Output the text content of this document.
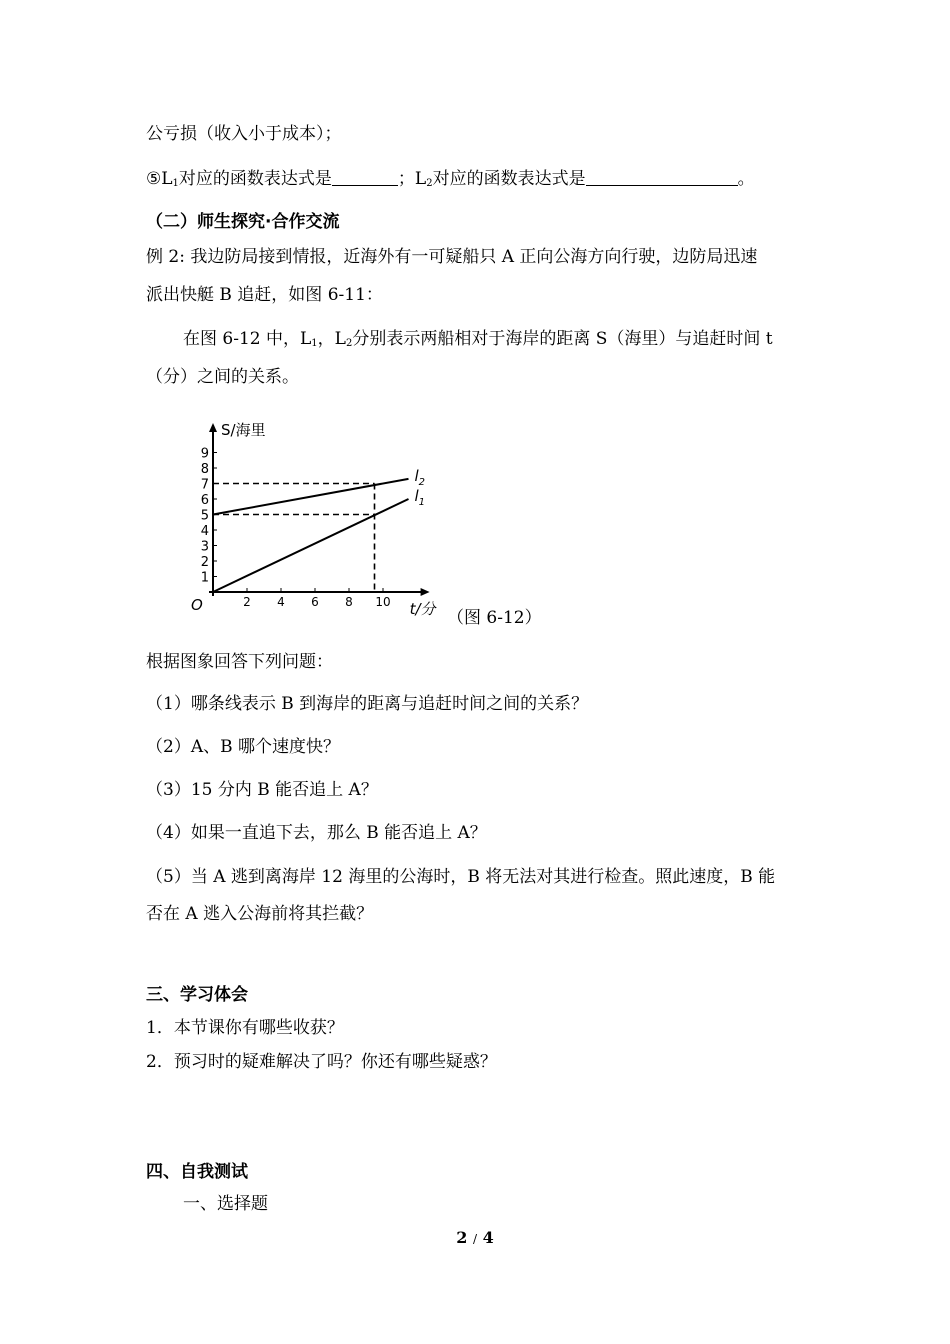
公亏损（收入小于成本）；
$⑤L_1$对应的函数表达式是	；$L_2$对应的函数表达式是	。
（二）师生探究·合作交流
例 2: 我边防局接到情报，近海外有一可疑船只 A 正向公海方向行驶，边防局迅速
派出快艇 B 追赶，如图 6-11：
在图 6-12 中，$L_1$，$L_2$分别表示两船相对于海岸的距离 S（海里）与追赶时间 t
（分）之间的关系。
1
2
3
4
5
6
7
8
9
2 4 6 8 10
$l_1$
$l_2$
S/海里
t/分
O
（图 6-12）
根据图象回答下列问题：
（1）哪条线表示 B 到海岸的距离与追赶时间之间的关系？
（2）A、B 哪个速度快？
（3）15 分内 B 能否追上 A？
（4）如果一直追下去，那么 B 能否追上 A？
（5）当 A 逃到离海岸 12 海里的公海时，B 将无法对其进行检查。照此速度，B 能
否在 A 逃入公海前将其拦截？
三、学习体会
1．本节课你有哪些收获？
2．预习时的疑难解决了吗？你还有哪些疑惑？
四、自我测试
一、选择题
2 / 4
